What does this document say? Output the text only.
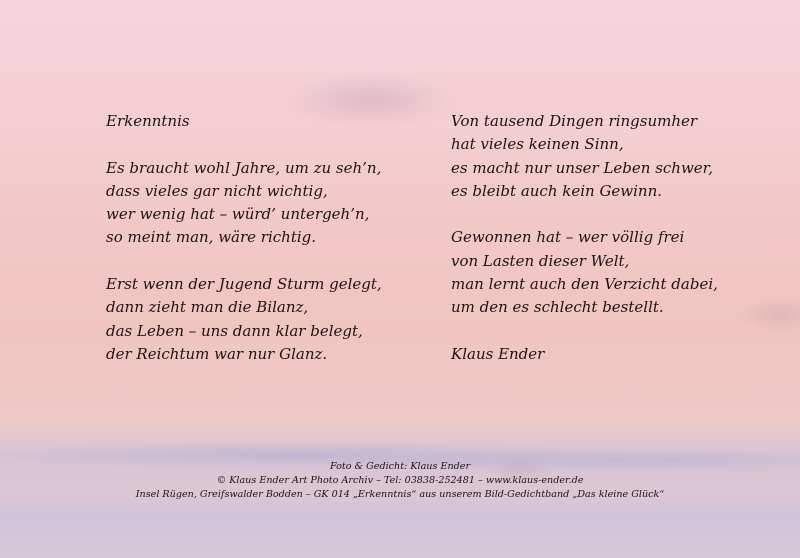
Erkenntnis
Es braucht wohl Jahre, um zu seh’n,
dass vieles gar nicht wichtig,
wer wenig hat – würd’ untergeh’n,
so meint man, wäre richtig.
Erst wenn der Jugend Sturm gelegt,
dann zieht man die Bilanz,
das Leben – uns dann klar belegt,
der Reichtum war nur Glanz.
Von tausend Dingen ringsumher
hat vieles keinen Sinn,
es macht nur unser Leben schwer,
es bleibt auch kein Gewinn.
Gewonnen hat – wer völlig frei
von Lasten dieser Welt,
man lernt auch den Verzicht dabei,
um den es schlecht bestellt.
Klaus Ender
Foto & Gedicht: Klaus Ender
© Klaus Ender Art Photo Archiv – Tel: 03838-252481 – www.klaus-ender.de
Insel Rügen, Greifswalder Bodden – GK 014 „Erkenntnis“ aus unserem Bild-Gedichtband „Das kleine Glück“
